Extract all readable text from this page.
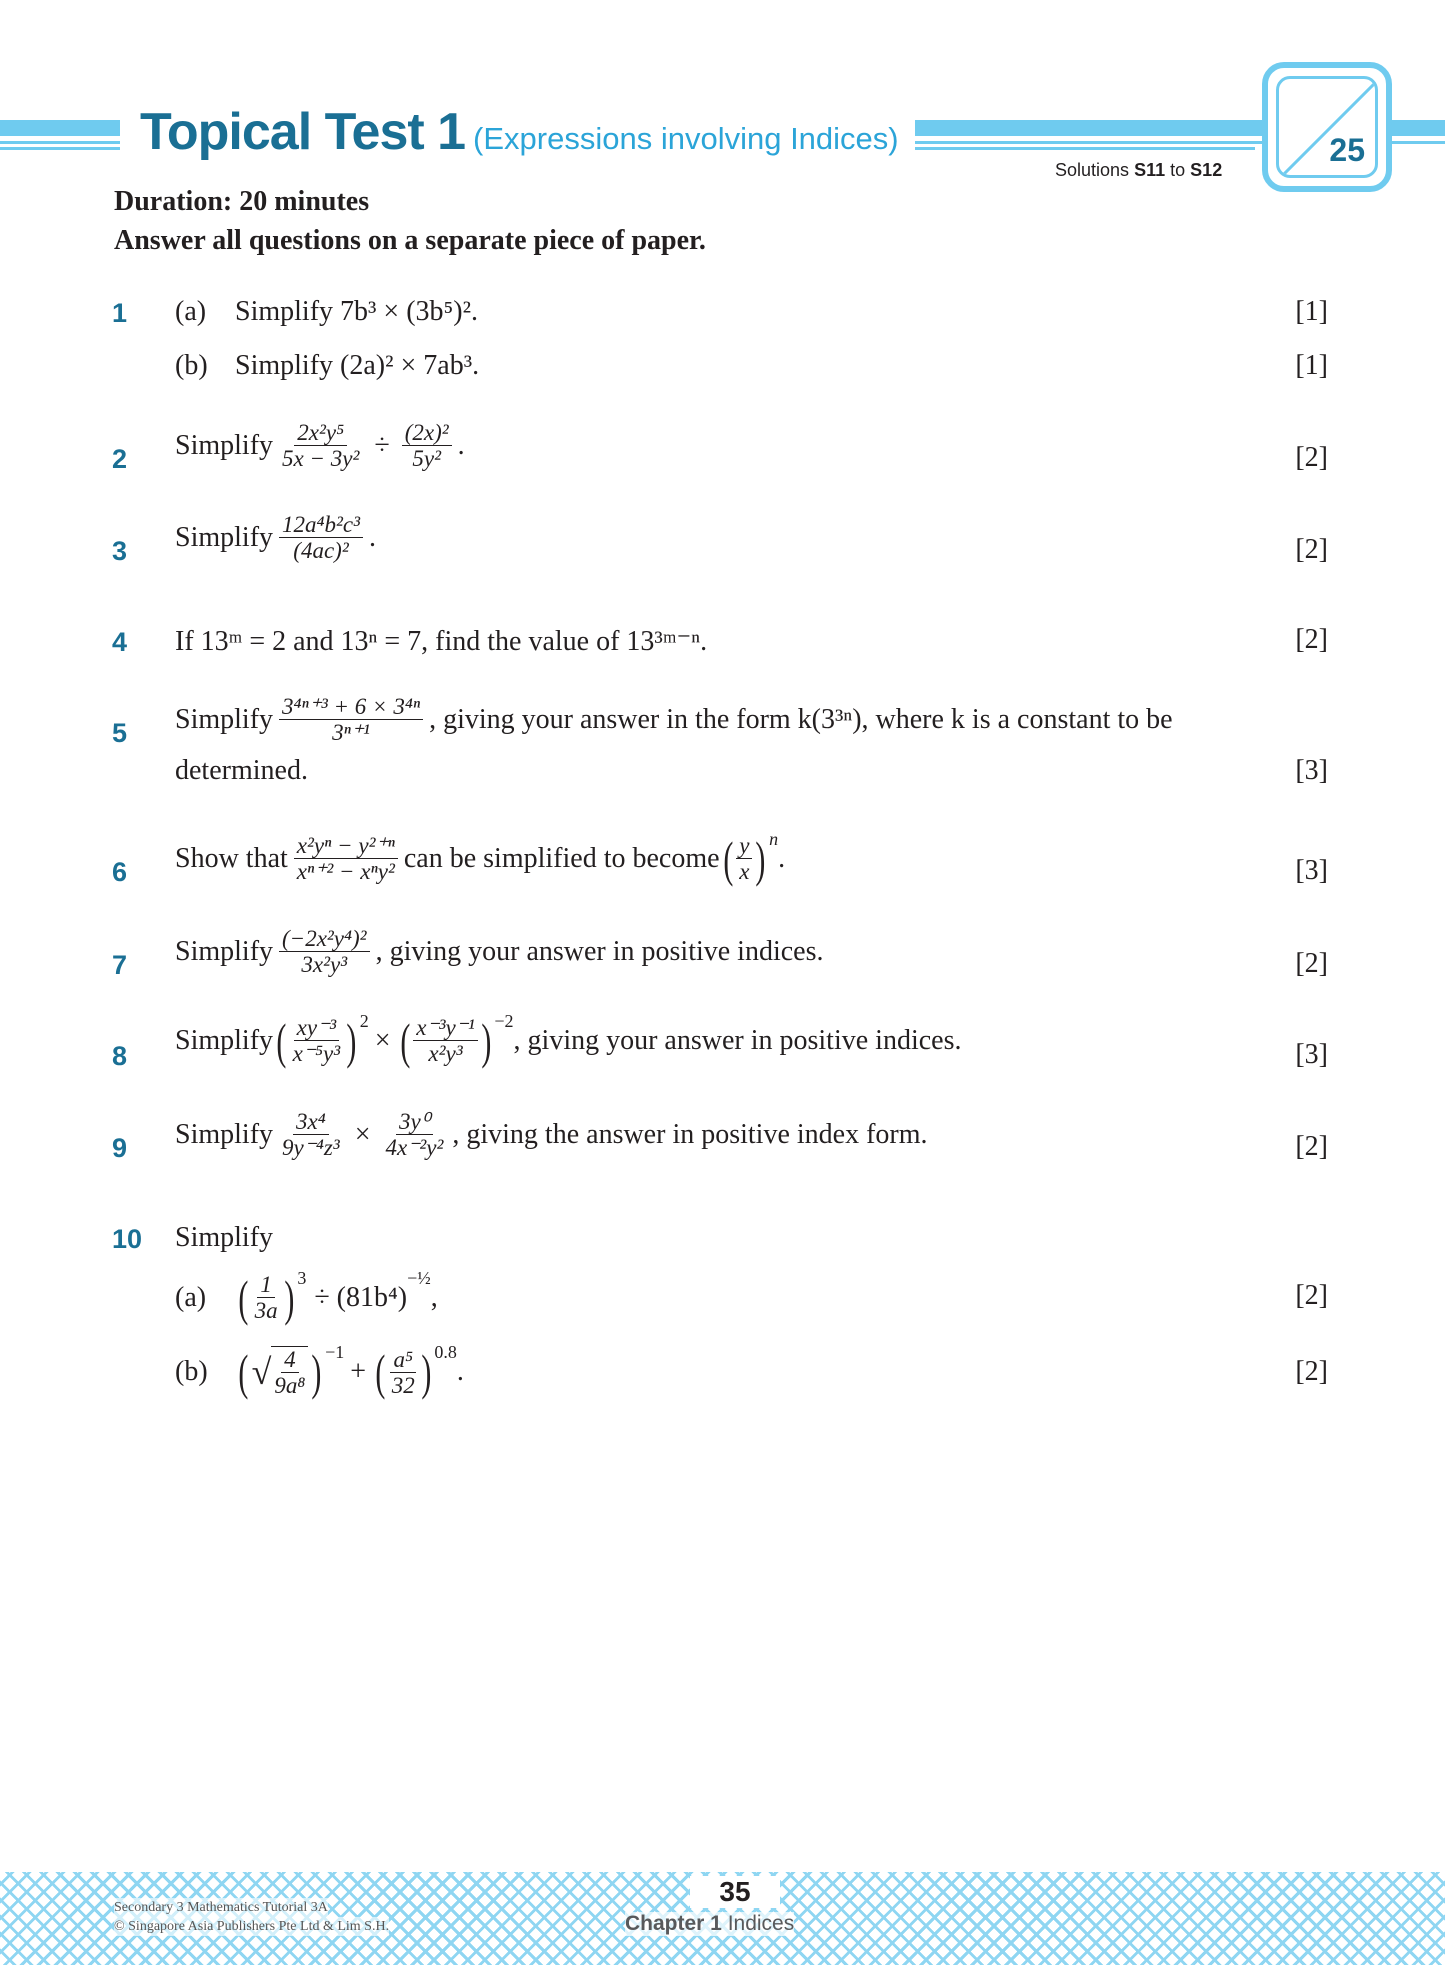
Topical Test 1 (Expressions involving Indices)	25
Solutions S11 to S12
Duration: 20 minutes
Answer all questions on a separate piece of paper.
1 (a)	Simplify 7b³ × (3b⁵)².	[1]
(b) Simplify (2a)² × 7ab³.	[1]
2 Simplify $\frac{\text{2x²y⁵}}{\text{5x − 3y²}} \div \frac{\text{(2x)²}}{\text{5y²}}$ .	[2]
3 Simplify $\frac{\text{12a⁴b²c³}}{\text{(4ac)²}}$ .	[2]
4 If 13ᵐ = 2 and 13ⁿ = 7, find the value of 13³ᵐ⁻ⁿ.	[2]
5 Simplify $\frac{\text{3⁴ⁿ⁺³ + 6 × 3⁴ⁿ}}{\text{3ⁿ⁺¹}}$ , giving your answer in the form k(3³ⁿ), where k is a constant to be
determined.	[3]
6 Show that $\frac{\text{x²yⁿ − y²⁺ⁿ}}{\text{xⁿ⁺² − xⁿy²}}$ can be simplified to become ( $\frac{y}{x}$ ) n
.	[3]
7 Simplify $\frac{\text{(−2x²y⁴)²}}{\text{3x²y³}}$ , giving your answer in positive indices.	[2]
8
Simplify ( $\frac{\text{xy⁻³}}{\text{x⁻⁵y³}}$ ) 2
× ( $\frac{\text{x⁻³y⁻¹}}{\text{x²y³}}$ ) −2
, giving your answer in positive indices.	[3]
9 Simplify $\frac{\text{3x⁴}}{\text{9y⁻⁴z³}} \times \frac{\text{3y⁰}}{\text{4x⁻²y²}}$ , giving the answer in positive index form.	[2]
10 Simplify
(a) ( $\frac{1}{3a}$ ) 3
÷ (81b⁴)
−½
,	[2]
(b) ( √ $\frac{4}{\text{9a⁸}}$ ) −1
+ ( $\frac{\text{a⁵}}{32}$ ) 0.8
.	[2]
Secondary 3 Mathematics Tutorial 3A
© Singapore Asia Publishers Pte Ltd & Lim S.H.
35
Chapter 1 Indices
